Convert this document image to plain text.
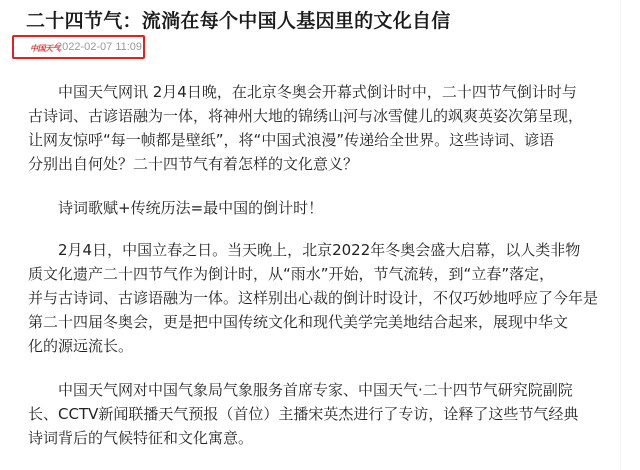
二十四节气：流淌在每个中国人基因里的文化自信
中国天气
2022-02-07 11:09
中国天气网讯 2月4日晚，在北京冬奥会开幕式倒计时中，二十四节气倒计时与
古诗词、古谚语融为一体，将神州大地的锦绣山河与冰雪健儿的飒爽英姿次第呈现，
让网友惊呼“每一帧都是壁纸”，将“中国式浪漫”传递给全世界。这些诗词、谚语
分别出自何处？二十四节气有着怎样的文化意义？
诗词歌赋+传统历法=最中国的倒计时！
2月4日，中国立春之日。当天晚上，北京2022年冬奥会盛大启幕，以人类非物
质文化遗产二十四节气作为倒计时，从“雨水”开始，节气流转，到“立春”落定，
并与古诗词、古谚语融为一体。这样别出心裁的倒计时设计，不仅巧妙地呼应了今年是
第二十四届冬奥会，更是把中国传统文化和现代美学完美地结合起来，展现中华文
化的源远流长。
中国天气网对中国气象局气象服务首席专家、中国天气·二十四节气研究院副院
长、CCTV新闻联播天气预报（首位）主播宋英杰进行了专访，诠释了这些节气经典
诗词背后的气候特征和文化寓意。
